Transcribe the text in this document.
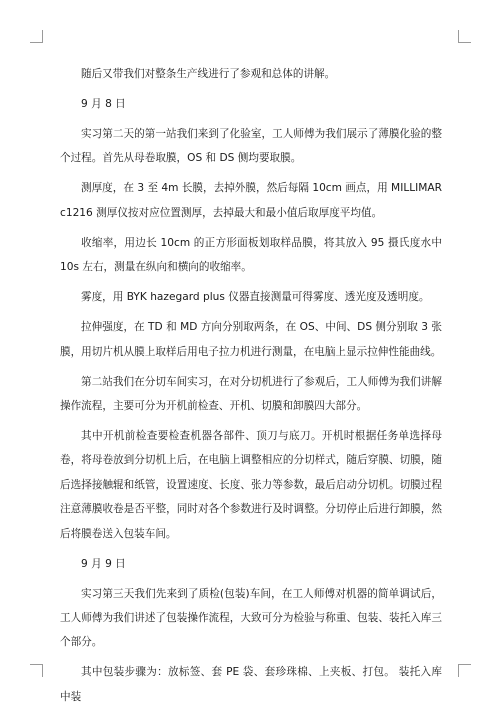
随后又带我们对整条生产线进行了参观和总体的讲解。

9 月 8 日

实习第二天的第一站我们来到了化验室，工人师傅为我们展示了薄膜化验的整个过程。首先从母卷取膜，OS 和 DS 侧均要取膜。

测厚度，在 3 至 4m 长膜，去掉外膜，然后每隔 10cm 画点，用 MILLIMAR c1216 测厚仪按对应位置测厚，去掉最大和最小值后取厚度平均值。

收缩率，用边长 10cm 的正方形面板划取样品膜，将其放入 95 摄氏度水中 10s 左右，测量在纵向和横向的收缩率。

雾度，用 BYK hazegard plus 仪器直接测量可得雾度、透光度及透明度。

拉伸强度，在 TD 和 MD 方向分别取两条，在 OS、中间、DS 侧分别取 3 张膜，用切片机从膜上取样后用电子拉力机进行测量，在电脑上显示拉伸性能曲线。

第二站我们在分切车间实习，在对分切机进行了参观后，工人师傅为我们讲解操作流程，主要可分为开机前检查、开机、切膜和卸膜四大部分。

其中开机前检查要检查机器各部件、顶刀与底刀。开机时根据任务单选择母卷，将母卷放到分切机上后，在电脑上调整相应的分切样式，随后穿膜、切膜，随后选择接触辊和纸管，设置速度、长度、张力等参数，最后启动分切机。切膜过程注意薄膜收卷是否平整，同时对各个参数进行及时调整。分切停止后进行卸膜，然后将膜卷送入包装车间。

9 月 9 日

实习第三天我们先来到了质检(包装)车间，在工人师傅对机器的简单调试后，工人师傅为我们讲述了包装操作流程，大致可分为检验与称重、包装、装托入库三个部分。

其中包装步骤为：放标签、套 PE 袋、套珍珠棉、上夹板、打包。 装托入库中装
